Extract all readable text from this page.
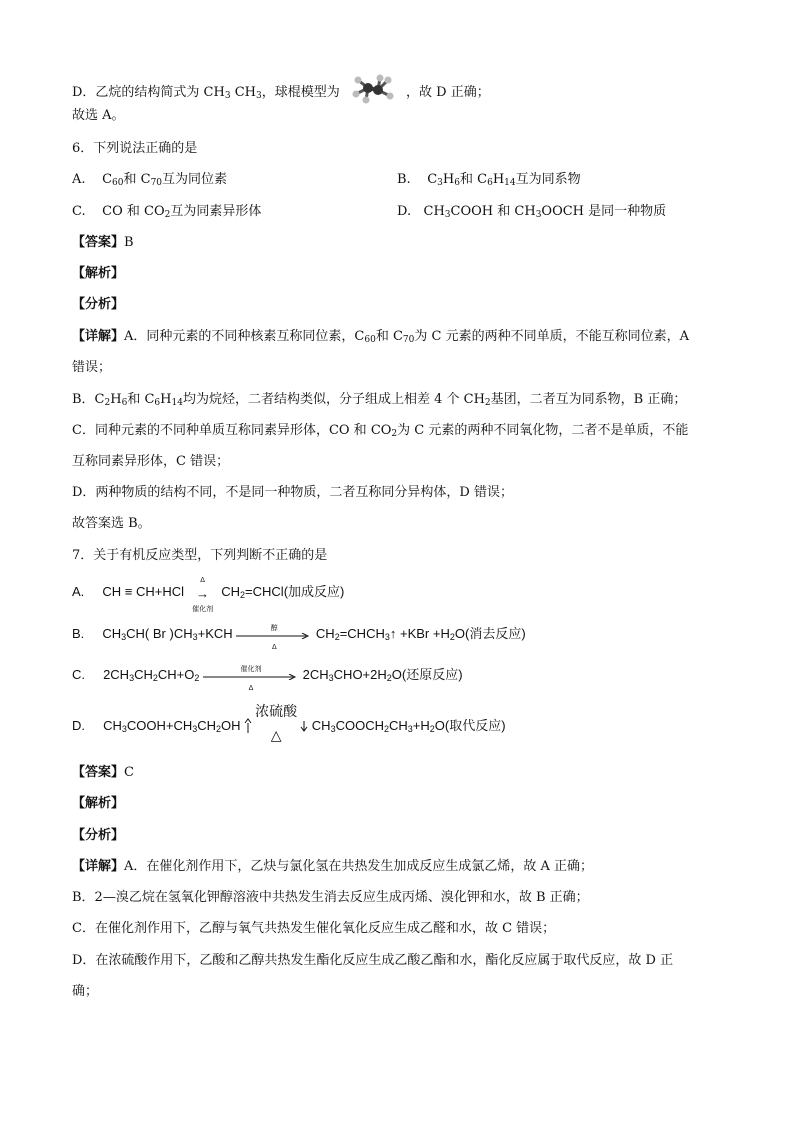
D．乙烷的结构简式为 $CH_3$ $CH_3$，球棍模型为	，故 D 正确；
故选 A。
6．下列说法正确的是
A. $C_{60}$和 $C_{70}$互为同位素	B. $C_3H_6$和 $C_6H_{14}$互为同系物
C. CO 和 $CO_2$互为同素异形体	D. $CH_3COOH$ 和 $CH_3OOCH$ 是同一种物质
【答案】B
【解析】
【分析】
【详解】A．同种元素的不同种核素互称同位素，$C_{60}$和 $C_{70}$为 C 元素的两种不同单质，不能互称同位素，A
错误；
B．$C_2H_6$和 $C_6H_{14}$均为烷烃，二者结构类似，分子组成上相差 4 个 $CH_2$基团，二者互为同系物，B 正确；
C．同种元素的不同种单质互称同素异形体，CO 和 $CO_2$为 C 元素的两种不同氧化物，二者不是单质，不能
互称同素异形体，C 错误；
D．两种物质的结构不同，不是同一种物质，二者互称同分异构体，D 错误；
故答案选 B。
7．关于有机反应类型，下列判断不正确的是
A. CH ≡ CH+HCl
Δ
→
催化剂
$CH_2=CHCl$(加成反应)
B. $CH_3CH$( Br )$CH_3+KCH$	醇
Δ
$CH_2=CHCH_3↑ +KBr +H_2O$(消去反应)
C. $2CH_3CH_2CH+O_2$
催化剂
Δ
$2CH_3CHO+2H_2O$(还原反应)
D. $CH_3COOH+CH_3CH_2OH$
浓硫酸
△
$CH_3COOCH_2CH_3+H_2O$(取代反应)
【答案】C
【解析】
【分析】
【详解】A．在催化剂作用下，乙炔与氯化氢在共热发生加成反应生成氯乙烯，故 A 正确；
B．2—溴乙烷在氢氧化钾醇溶液中共热发生消去反应生成丙烯、溴化钾和水，故 B 正确；
C．在催化剂作用下，乙醇与氧气共热发生催化氧化反应生成乙醛和水，故 C 错误；
D．在浓硫酸作用下，乙酸和乙醇共热发生酯化反应生成乙酸乙酯和水，酯化反应属于取代反应，故 D 正
确；
